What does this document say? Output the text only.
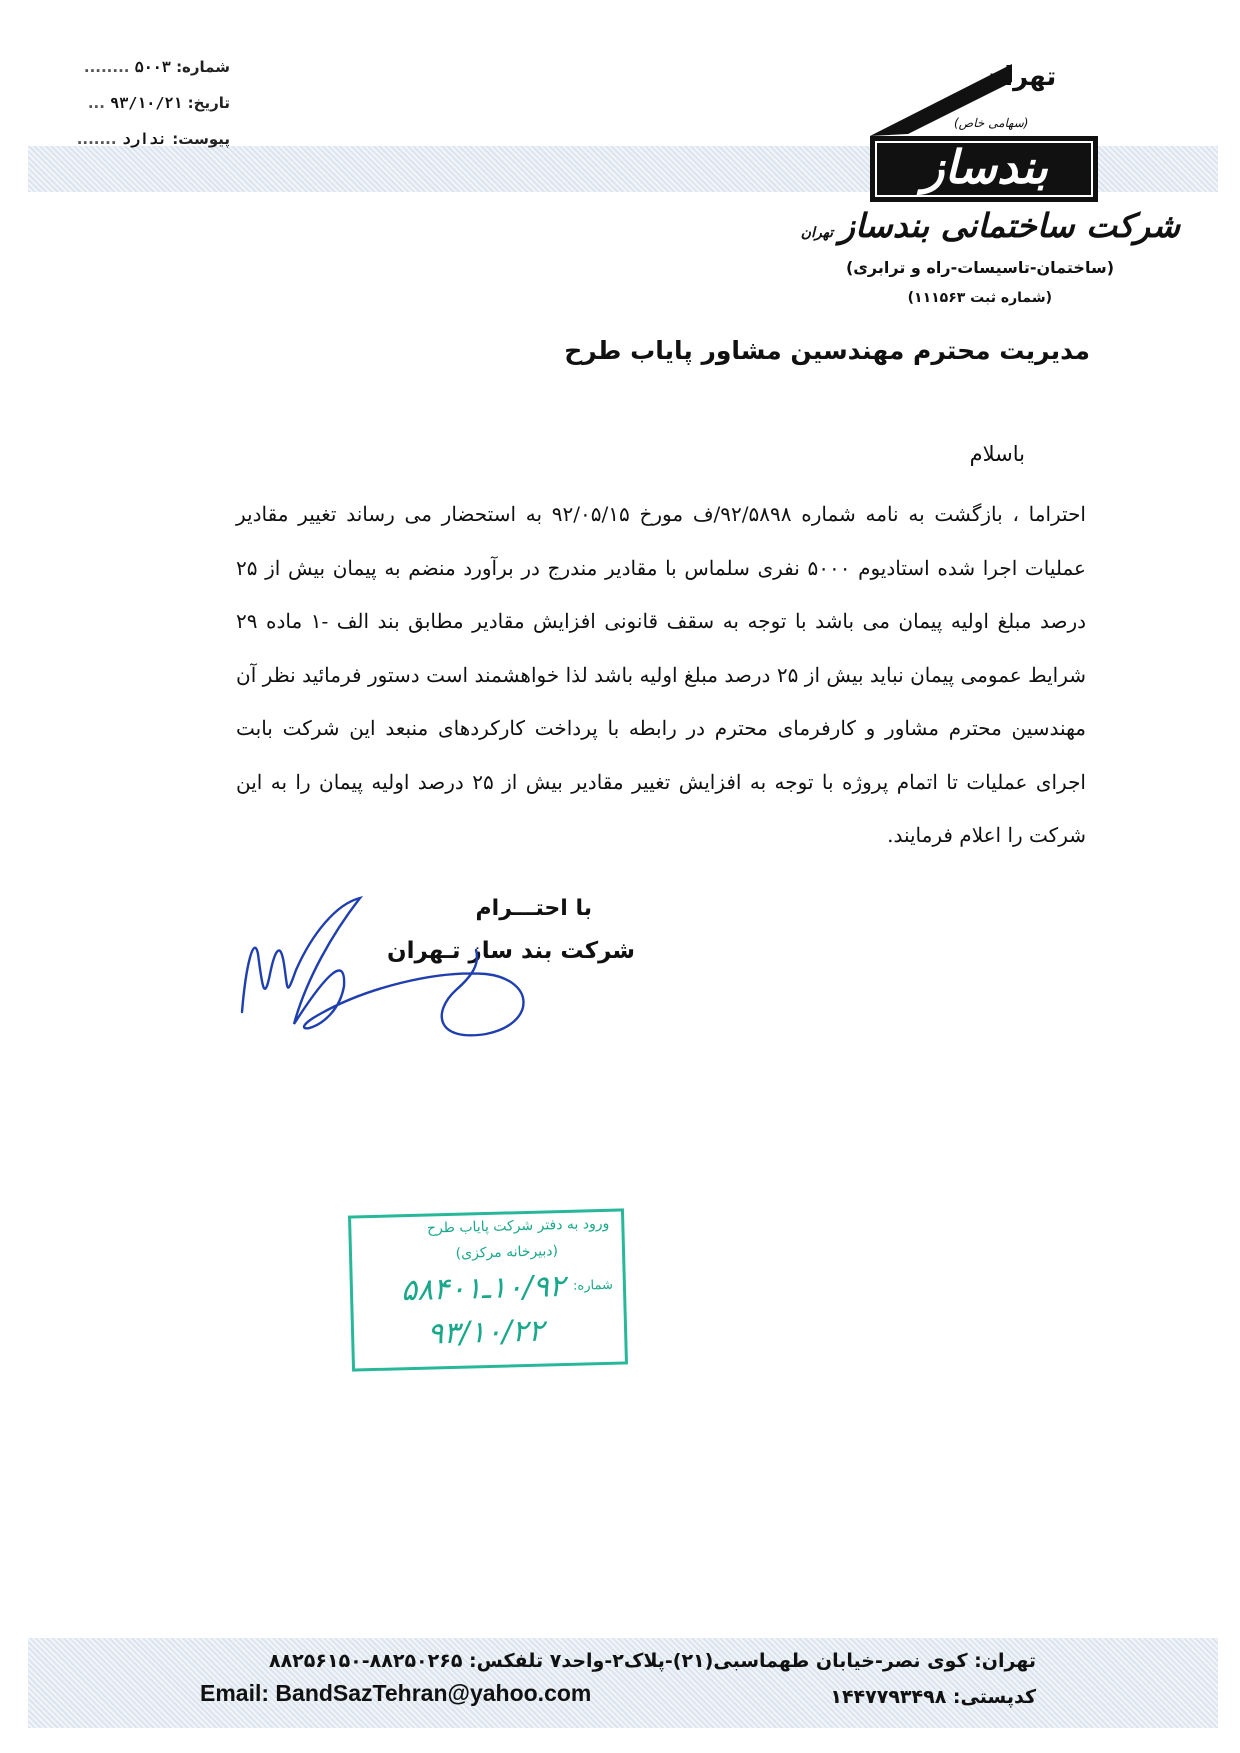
شماره: ۵۰۰۳ ........
تاریخ: ۹۳/۱۰/۲۱ ...
پیوست: ندارد .......
تهران
(سهامی خاص)
بندساز
شرکت ساختمانی بندسازتهران
(ساختمان-تاسیسات-راه و ترابری)
(شماره ثبت ۱۱۱۵۶۳)
مدیریت محترم مهندسین مشاور پایاب طرح
باسلام

احتراما ، بازگشت به نامه شماره ۹۲/۵۸۹۸/ف مورخ ۹۲/۰۵/۱۵ به استحضار می رساند تغییر مقادیر عملیات اجرا شده استادیوم ۵۰۰۰ نفری سلماس با مقادیر مندرج در برآورد منضم به پیمان بیش از ۲۵ درصد مبلغ اولیه پیمان می باشد با توجه به سقف قانونی افزایش مقادیر مطابق بند الف -۱ ماده ۲۹ شرایط عمومی پیمان نباید بیش از ۲۵ درصد مبلغ اولیه باشد لذا خواهشمند است دستور فرمائید نظر آن مهندسین محترم مشاور و کارفرمای محترم در رابطه با پرداخت کارکردهای منبعد این شرکت بابت اجرای عملیات تا اتمام پروژه با توجه به افزایش تغییر مقادیر بیش از ۲۵ درصد اولیه پیمان را به این شرکت را اعلام فرمایند.

با احتـــرام
شرکت بند ساز تـهران
ورود به دفتر شرکت پایاب طرح
(دبیرخانه مرکزی)
شماره:
۱۰/۹۲ـ۵۸۴۰۱
۹۳/۱۰/۲۲
تهران: کوی نصر-خیابان طهماسبی(۲۱)-پلاک۲-واحد۷ تلفکس: ۸۸۲۵۰۲۶۵-۸۸۲۵۶۱۵۰
Email: BandSazTehran@yahoo.com	کدپستی: ۱۴۴۷۷۹۳۴۹۸
